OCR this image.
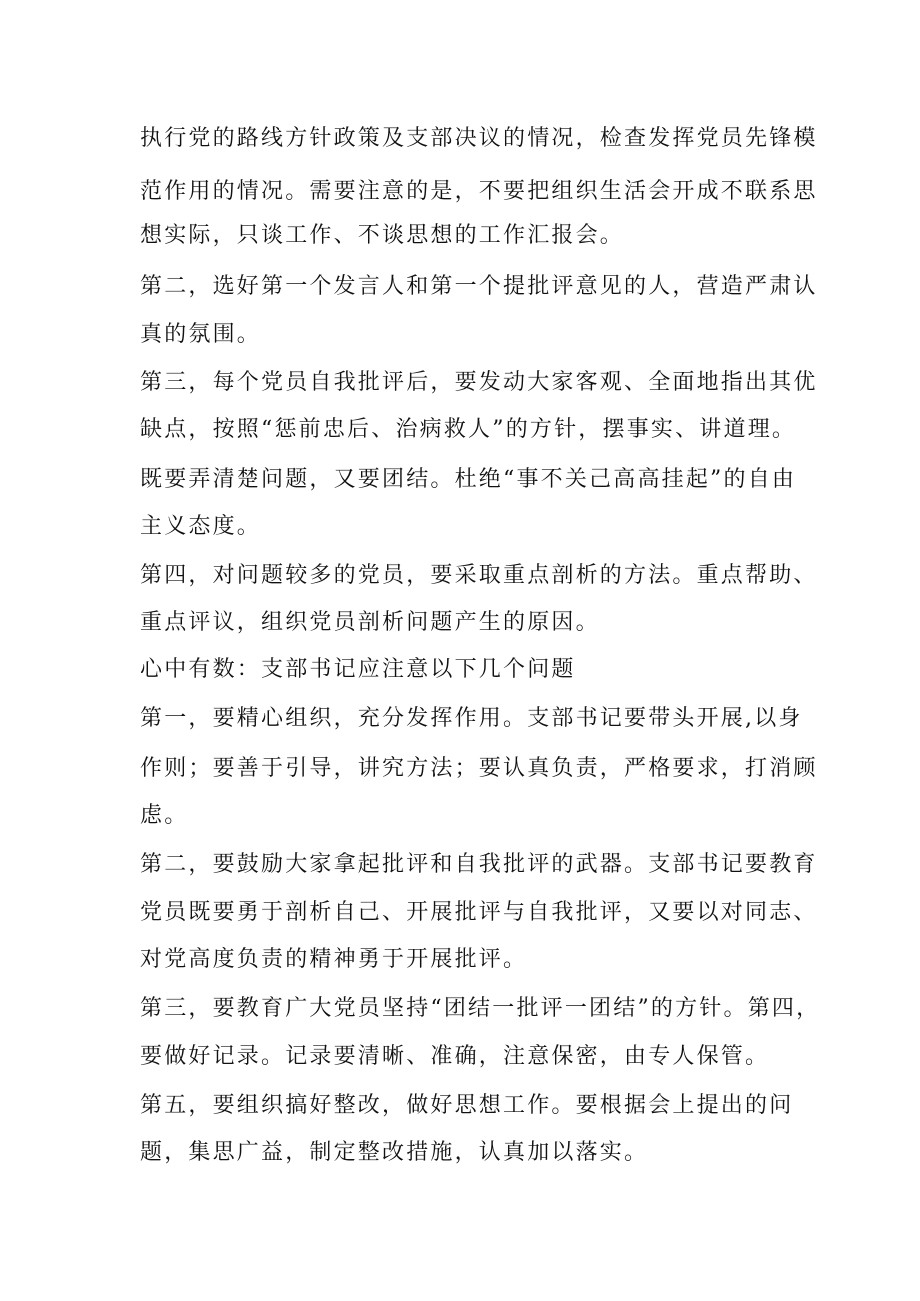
执行党的路线方针政策及支部决议的情况，检查发挥党员先锋模
范作用的情况。需要注意的是，不要把组织生活会开成不联系思
想实际，只谈工作、不谈思想的工作汇报会。
第二，选好第一个发言人和第一个提批评意见的人，营造严肃认
真的氛围。
第三，每个党员自我批评后，要发动大家客观、全面地指出其优
缺点，按照“惩前忠后、治病救人”的方针，摆事实、讲道理。
既要弄清楚问题，又要团结。杜绝“事不关己高高挂起”的自由
主义态度。
第四，对问题较多的党员，要采取重点剖析的方法。重点帮助、
重点评议，组织党员剖析问题产生的原因。
心中有数：支部书记应注意以下几个问题
第一，要精心组织，充分发挥作用。支部书记要带头开展,以身
作则；要善于引导，讲究方法；要认真负责，严格要求，打消顾
虑。
第二，要鼓励大家拿起批评和自我批评的武器。支部书记要教育
党员既要勇于剖析自己、开展批评与自我批评，又要以对同志、
对党高度负责的精神勇于开展批评。
第三，要教育广大党员坚持“团结一批评一团结”的方针。第四，
要做好记录。记录要清晰、准确，注意保密，由专人保管。
第五，要组织搞好整改，做好思想工作。要根据会上提出的问
题，集思广益，制定整改措施，认真加以落实。
